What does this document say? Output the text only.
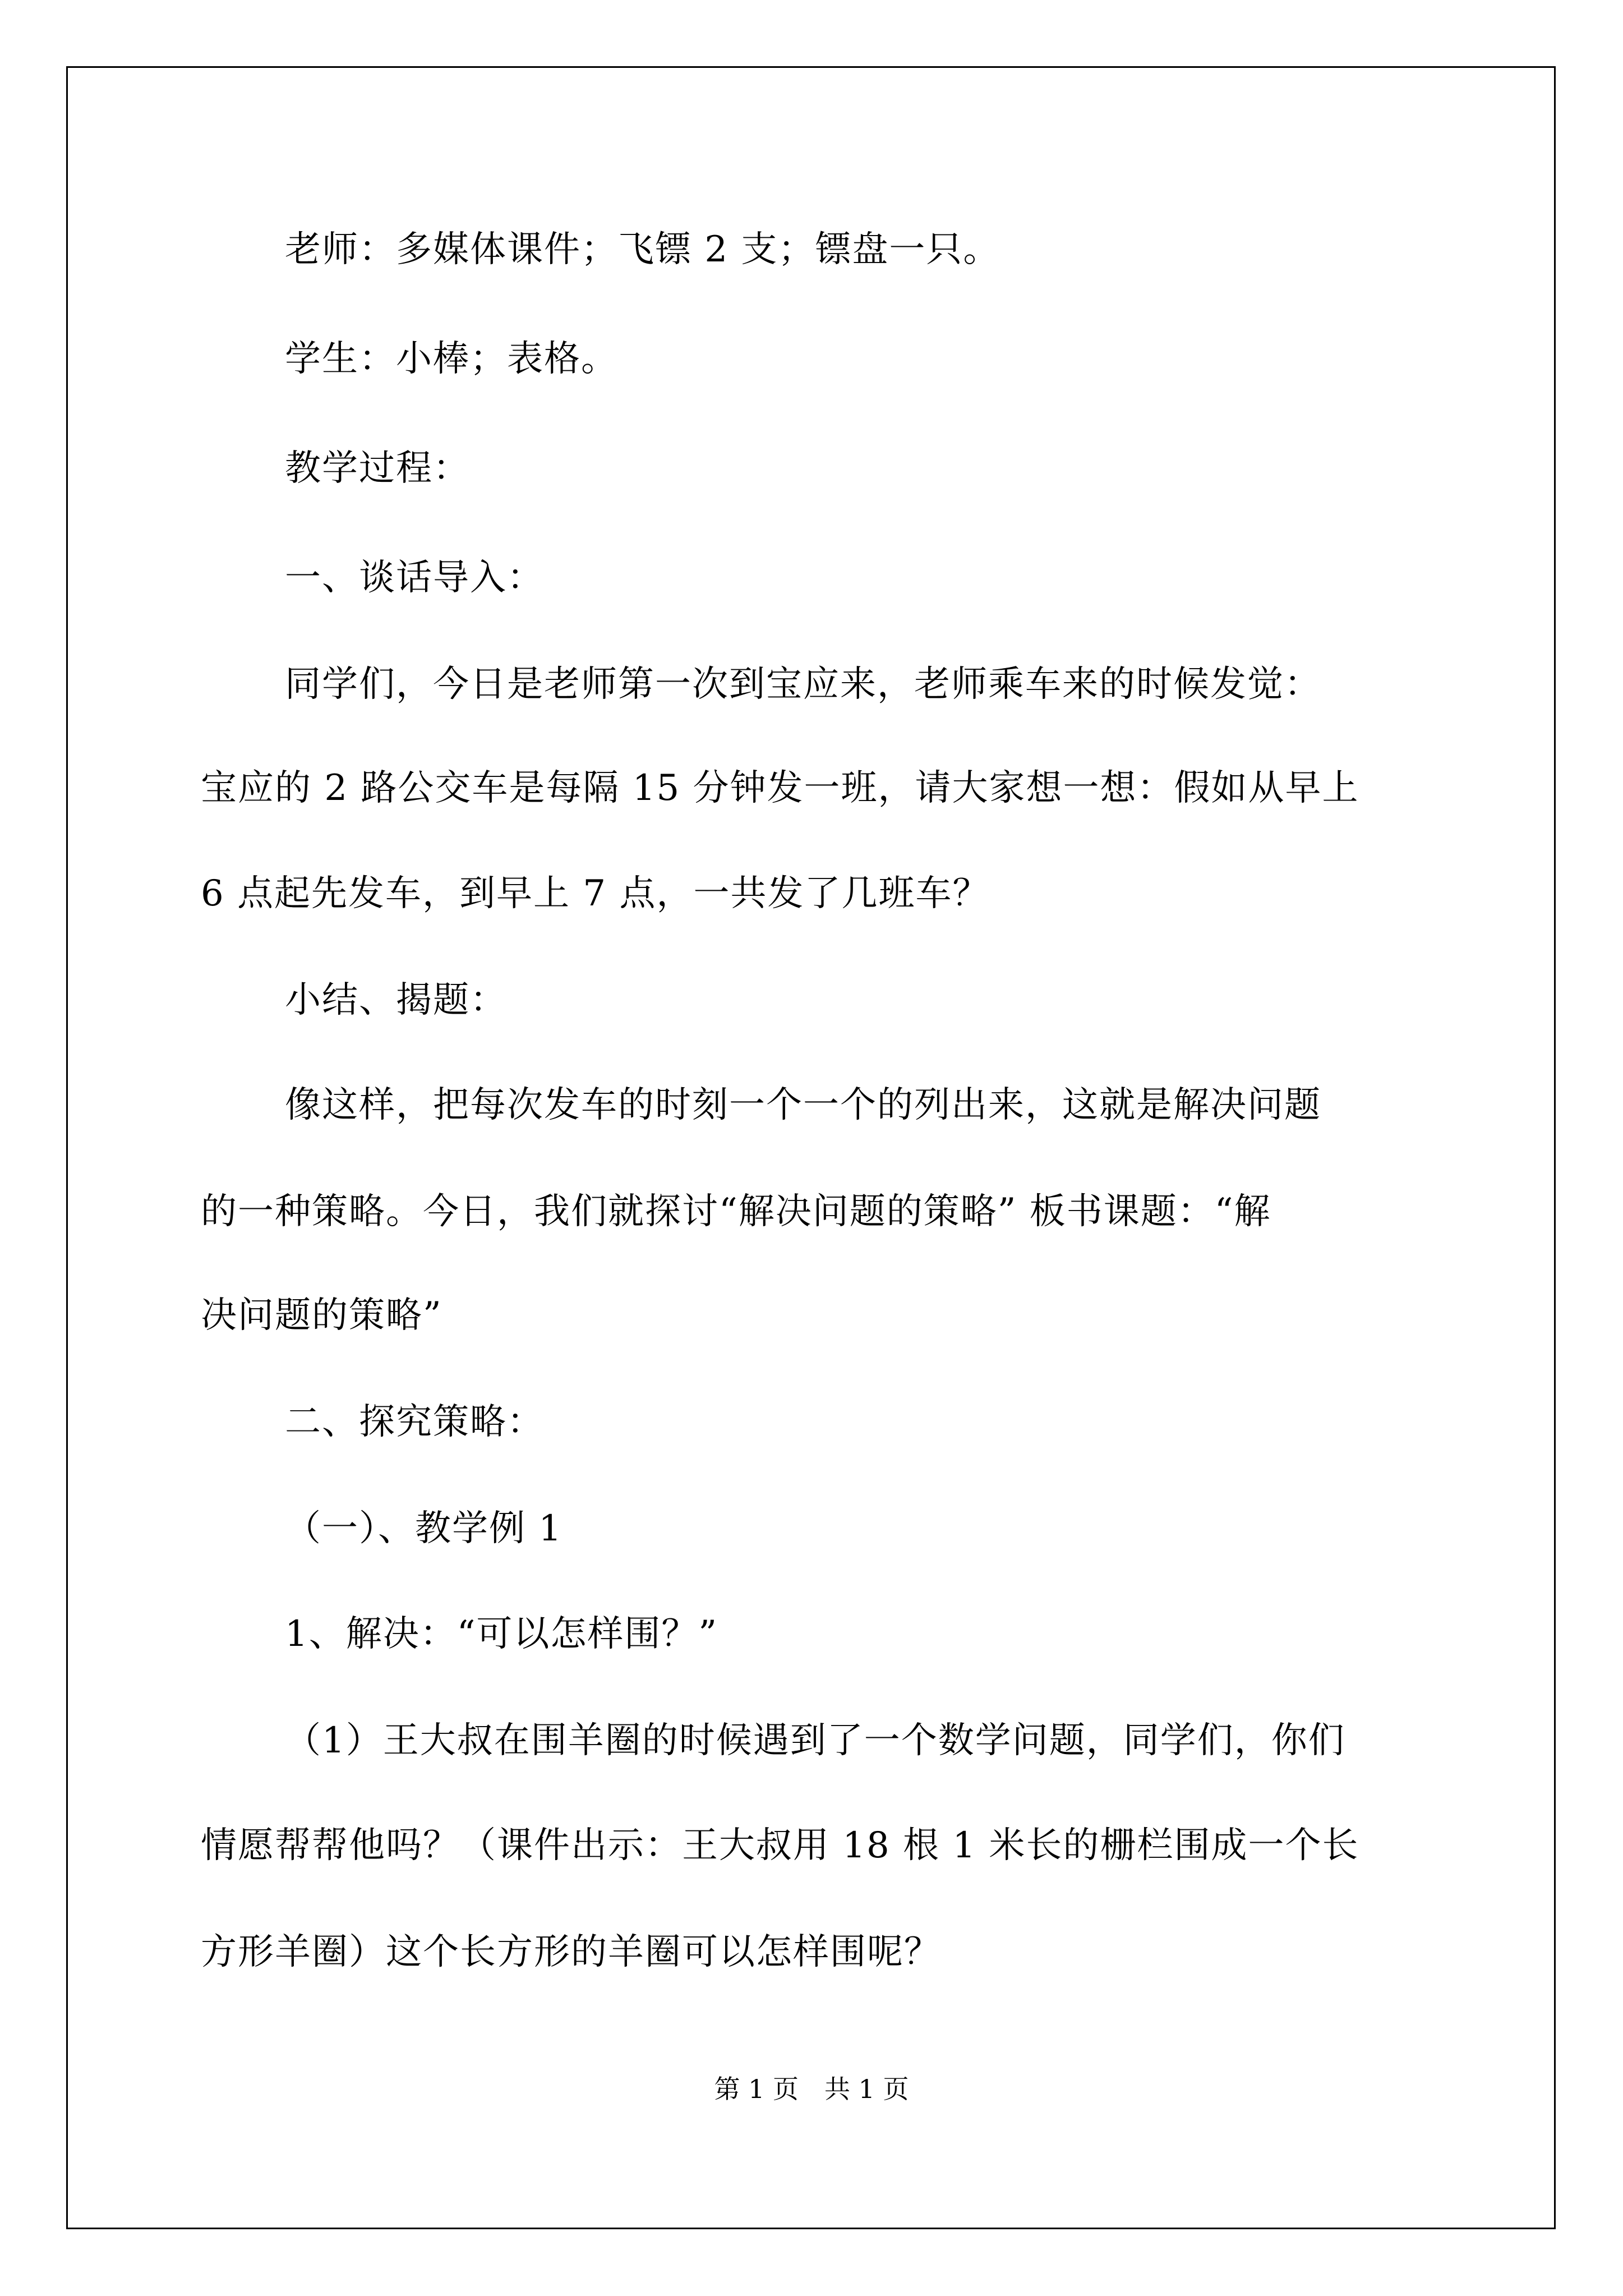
老师：多媒体课件；飞镖 2 支；镖盘一只。
学生：小棒；表格。
教学过程：
一、谈话导入：
同学们，今日是老师第一次到宝应来，老师乘车来的时候发觉：
宝应的 2 路公交车是每隔 15 分钟发一班，请大家想一想：假如从早上
6 点起先发车，到早上 7 点，一共发了几班车？
小结、揭题：
像这样，把每次发车的时刻一个一个的列出来，这就是解决问题
的一种策略。今日，我们就探讨“解决问题的策略” 板书课题：“解
决问题的策略”
二、探究策略：
（一）、教学例 1
1、解决：“可以怎样围？”
（1）王大叔在围羊圈的时候遇到了一个数学问题，同学们，你们
情愿帮帮他吗？（课件出示：王大叔用 18 根 1 米长的栅栏围成一个长
方形羊圈）这个长方形的羊圈可以怎样围呢？
第 1 页　共 1 页
